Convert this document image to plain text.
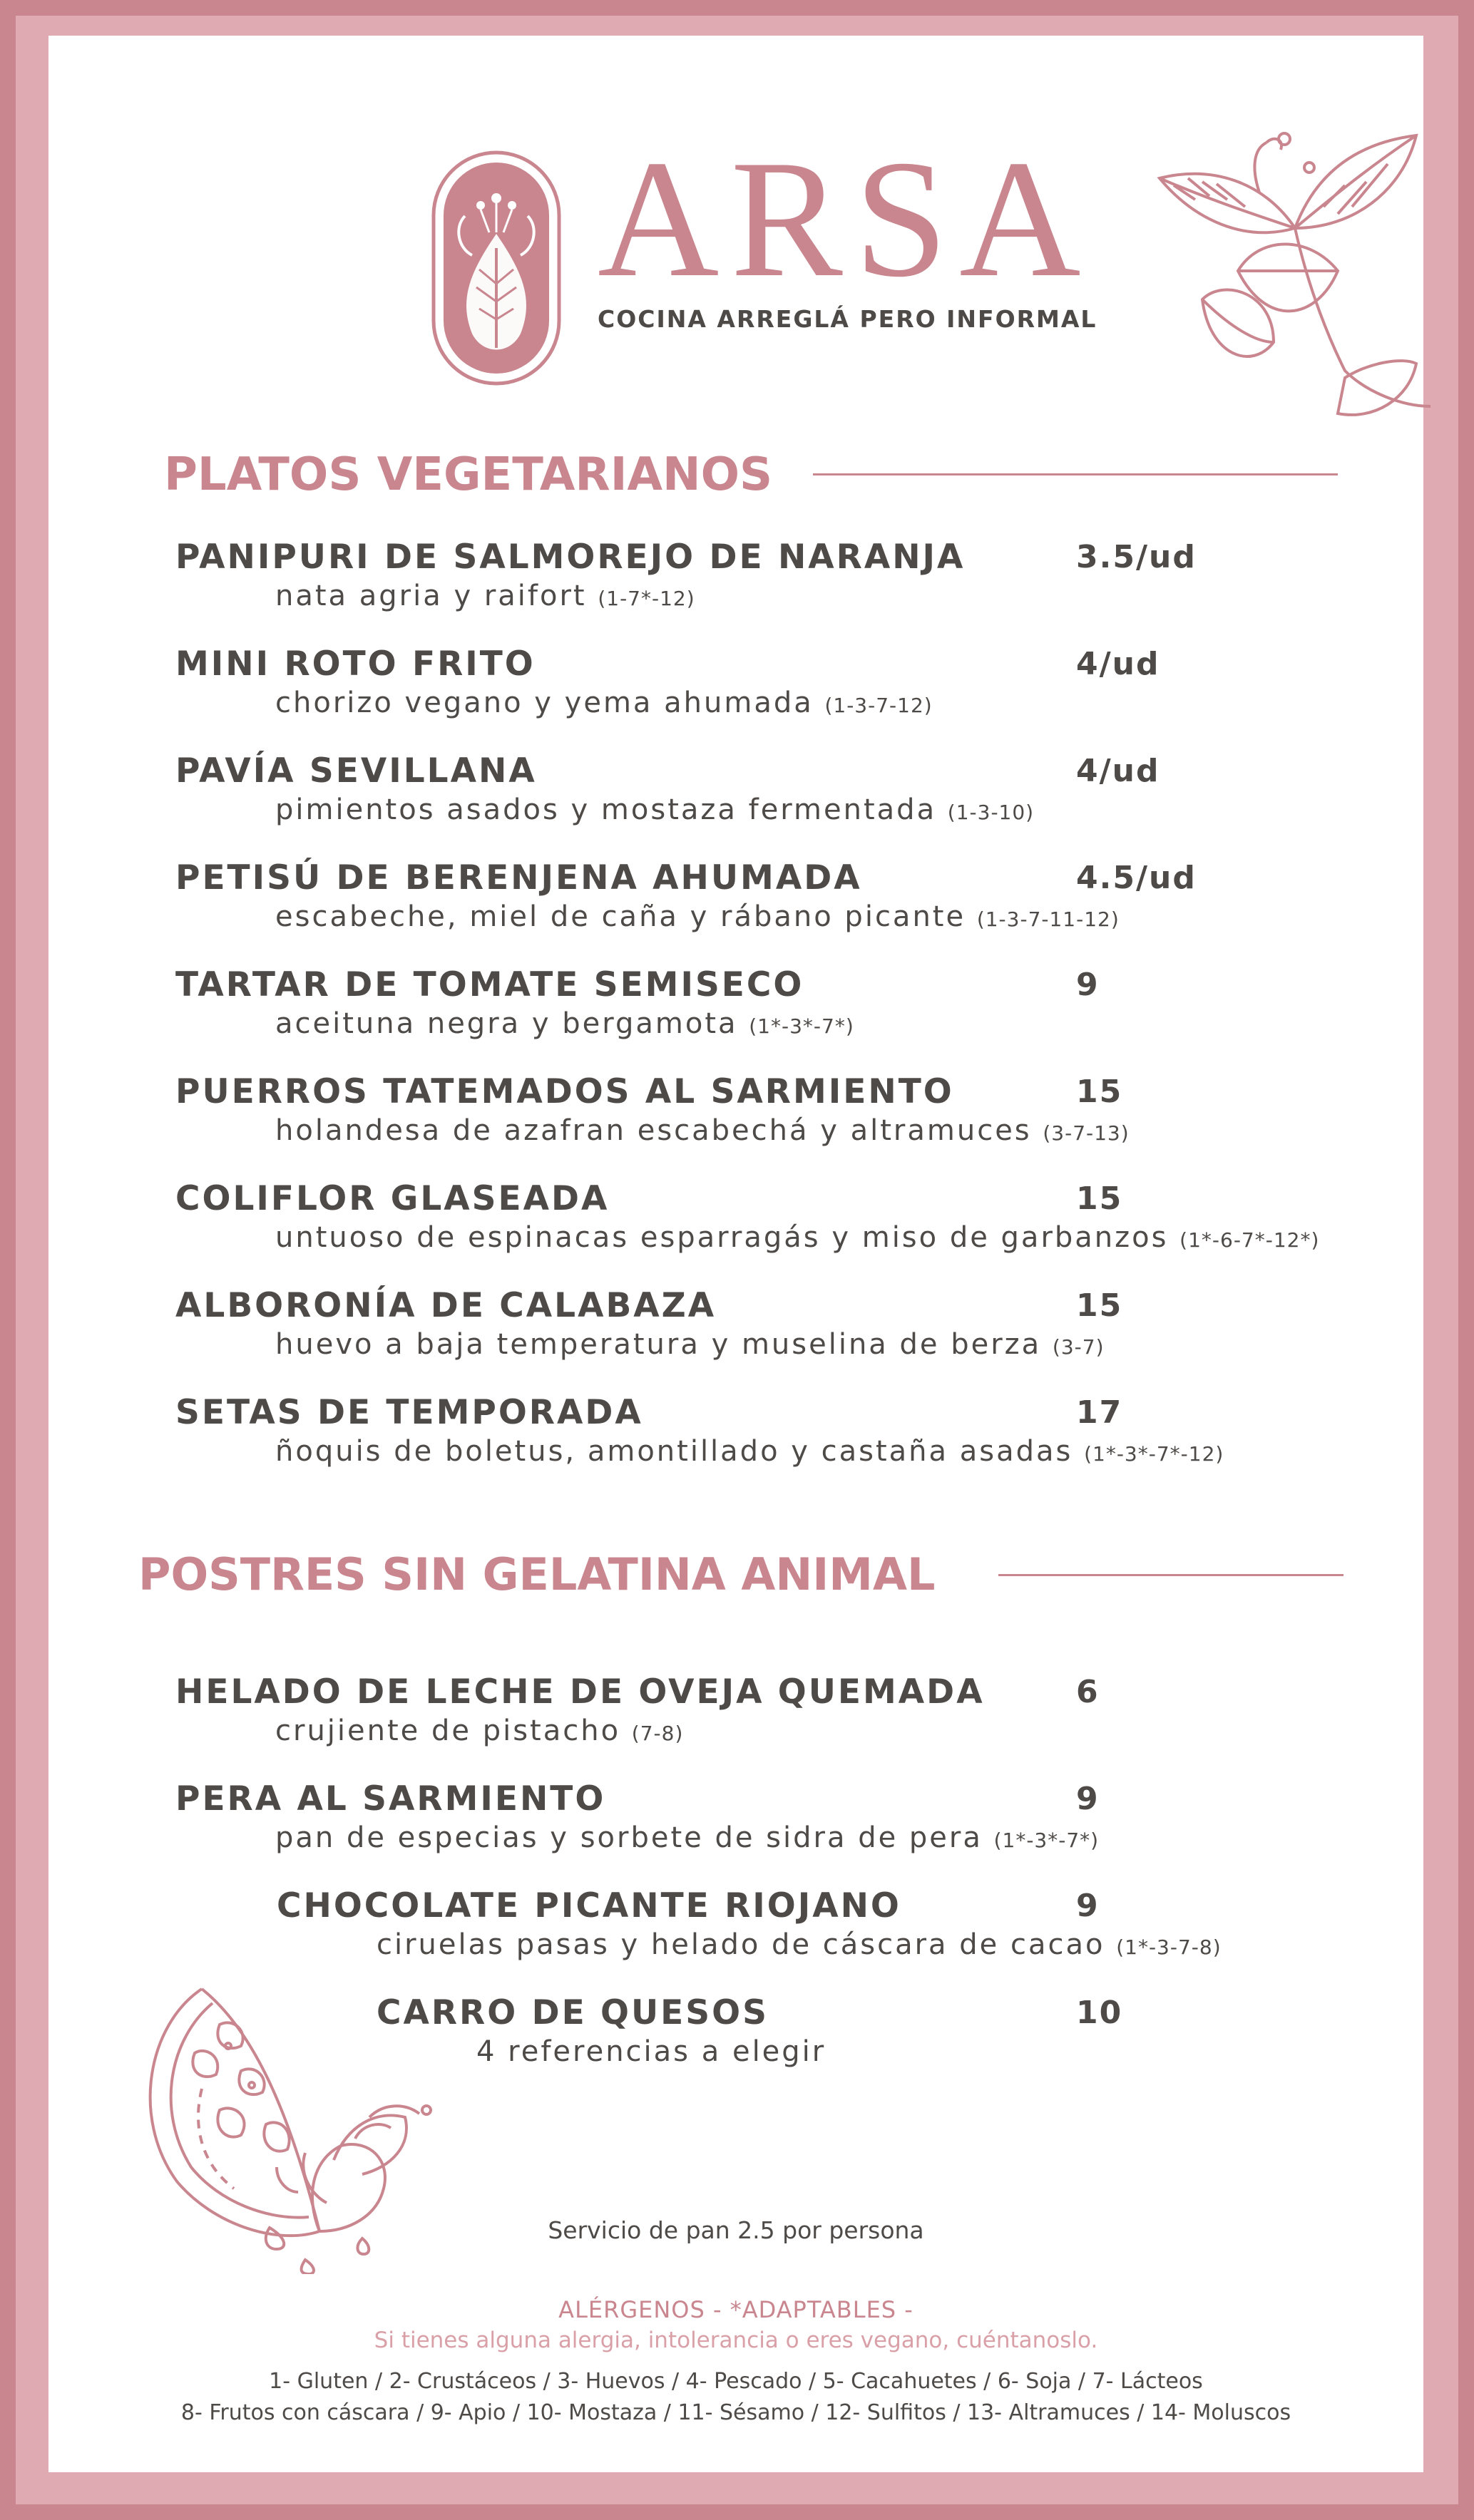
ARSA
COCINA ARREGLÁ PERO INFORMAL
PLATOS VEGETARIANOS
PANIPURI DE SALMOREJO DE NARANJA	3.5/ud
nata agria y raifort (1-7*-12)
MINI ROTO FRITO	4/ud
chorizo vegano y yema ahumada (1-3-7-12)
PAVÍA SEVILLANA	4/ud
pimientos asados y mostaza fermentada (1-3-10)
PETISÚ DE BERENJENA AHUMADA	4.5/ud
escabeche, miel de caña y rábano picante (1-3-7-11-12)
TARTAR DE TOMATE SEMISECO	9
aceituna negra y bergamota (1*-3*-7*)
PUERROS TATEMADOS AL SARMIENTO	15
holandesa de azafran escabechá y altramuces (3-7-13)
COLIFLOR GLASEADA	15
untuoso de espinacas esparragás y miso de garbanzos (1*-6-7*-12*)
ALBORONÍA DE CALABAZA	15
huevo a baja temperatura y muselina de berza (3-7)
SETAS DE TEMPORADA	17
ñoquis de boletus, amontillado y castaña asadas (1*-3*-7*-12)
POSTRES SIN GELATINA ANIMAL
HELADO DE LECHE DE OVEJA QUEMADA	6
crujiente de pistacho (7-8)
PERA AL SARMIENTO	9
pan de especias y sorbete de sidra de pera (1*-3*-7*)
CHOCOLATE PICANTE RIOJANO	9
ciruelas pasas y helado de cáscara de cacao (1*-3-7-8)
CARRO DE QUESOS	10
4 referencias a elegir
Servicio de pan 2.5 por persona
ALÉRGENOS - *ADAPTABLES -
Si tienes alguna alergia, intolerancia o eres vegano, cuéntanoslo.
1- Gluten / 2- Crustáceos / 3- Huevos / 4- Pescado / 5- Cacahuetes / 6- Soja / 7- Lácteos
8- Frutos con cáscara / 9- Apio / 10- Mostaza / 11- Sésamo / 12- Sulfitos / 13- Altramuces / 14- Moluscos
